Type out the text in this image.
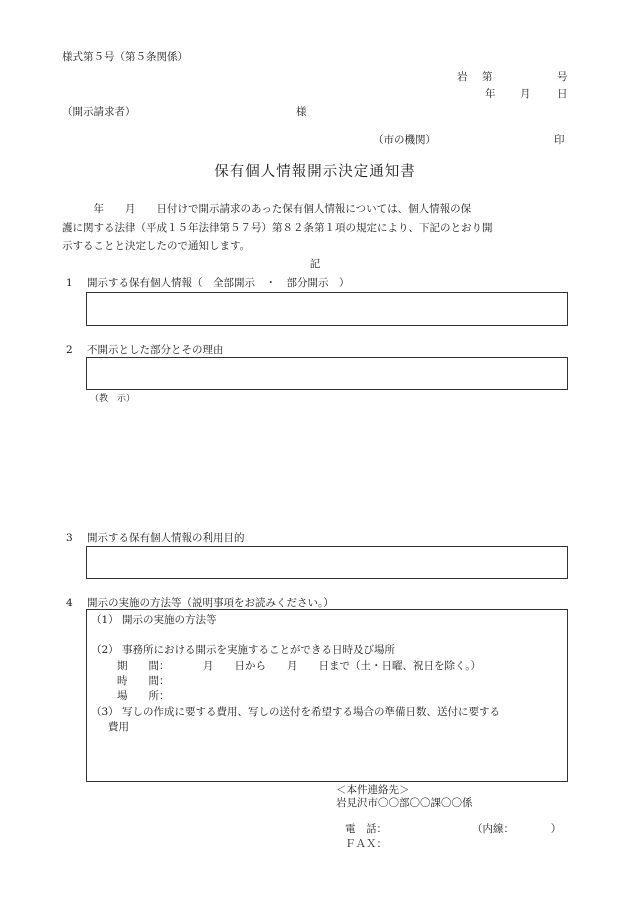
様式第５号（第５条関係）
岩 第	号
年 月	日
（開示請求者）	様
（市の機関）	印
保有個人情報開示決定通知書
　　　年　　月　　日付けで開示請求のあった保有個人情報については、個人情報の保
護に関する法律（平成１５年法律第５７号）第８２条第１項の規定により、下記のとおり開
示することと決定したので通知します。
記
1 開示する保有個人情報（　全部開示　・　部分開示　）
2 不開示とした部分とその理由
（教　示）
3 開示する保有個人情報の利用目的
4 開示の実施の方法等（説明事項をお読みください。）
（1） 開示の実施の方法等
（2） 事務所における開示を実施することができる日時及び場所
期　　間：	月　　日から　　月　　日まで（土・日曜、祝日を除く。）
時　　間：
場　　所：
（3） 写しの作成に要する費用、写しの送付を希望する場合の準備日数、送付に要する
費用
＜本件連絡先＞
岩見沢市〇〇部〇〇課〇〇係
電　話：	（内線：　　　　）
ＦＡＸ：
